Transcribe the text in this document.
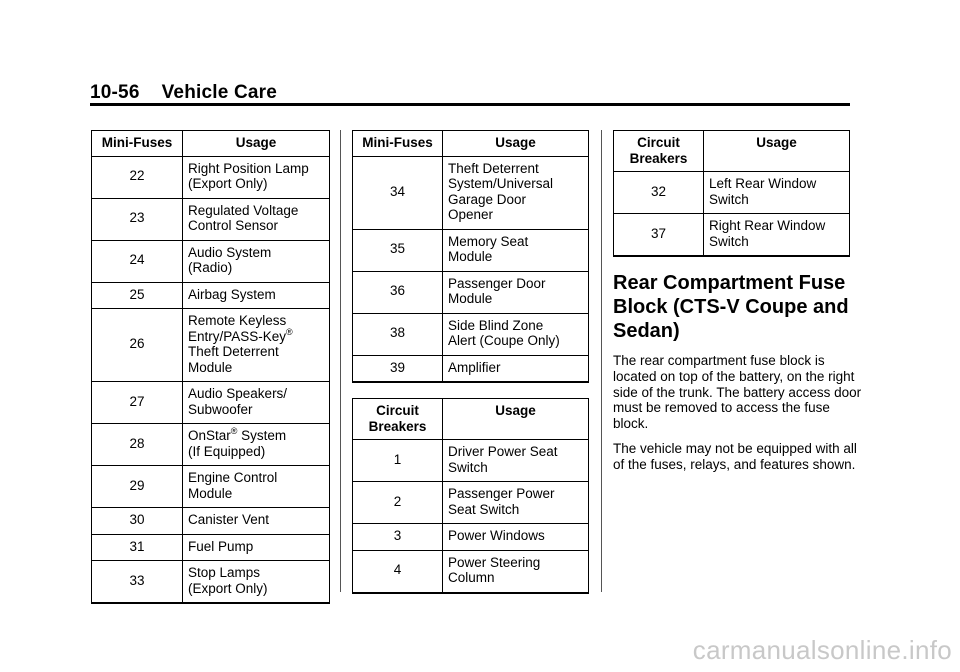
10-56 Vehicle Care
Mini-Fuses	Usage
22	Right Position Lamp
(Export Only)
23	Regulated Voltage
Control Sensor
24	Audio System
(Radio)
25	Airbag System
26	Remote Keyless
Entry/PASS-Key®
Theft Deterrent
Module
27	Audio Speakers/
Subwoofer
28	OnStar® System
(If Equipped)
29	Engine Control
Module
30	Canister Vent
31	Fuel Pump
33	Stop Lamps
(Export Only)
Mini-Fuses	Usage
34	Theft Deterrent
System/Universal
Garage Door
Opener
35	Memory Seat
Module
36	Passenger Door
Module
38	Side Blind Zone
Alert (Coupe Only)
39	Amplifier
Circuit
Breakers	Usage
1	Driver Power Seat
Switch
2	Passenger Power
Seat Switch
3	Power Windows
4	Power Steering
Column
Circuit
Breakers	Usage
32	Left Rear Window
Switch
37	Right Rear Window
Switch
Rear Compartment Fuse Block (CTS-V Coupe and Sedan)

The rear compartment fuse block is located on top of the battery, on the right side of the trunk. The battery access door must be removed to access the fuse block.

The vehicle may not be equipped with all of the fuses, relays, and features shown.

carmanualsonline.info
